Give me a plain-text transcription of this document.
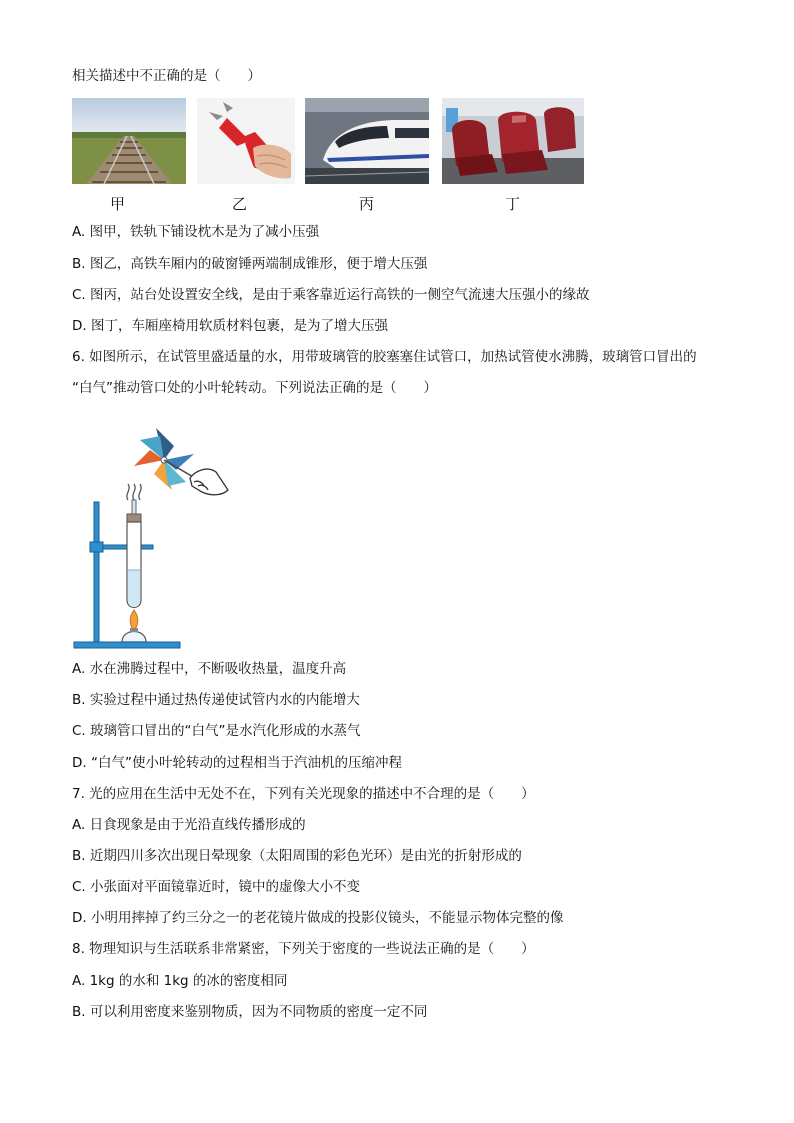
相关描述中不正确的是（　　）
甲	乙	丙	丁
A. 图甲，铁轨下铺设枕木是为了减小压强
B. 图乙，高铁车厢内的破窗锤两端制成锥形，便于增大压强
C. 图丙，站台处设置安全线，是由于乘客靠近运行高铁的一侧空气流速大压强小的缘故
D. 图丁，车厢座椅用软质材料包裹，是为了增大压强
6. 如图所示，在试管里盛适量的水，用带玻璃管的胶塞塞住试管口，加热试管使水沸腾，玻璃管口冒出的
“白气”推动管口处的小叶轮转动。下列说法正确的是（　　）
A. 水在沸腾过程中，不断吸收热量，温度升高
B. 实验过程中通过热传递使试管内水的内能增大
C. 玻璃管口冒出的“白气”是水汽化形成的水蒸气
D. “白气”使小叶轮转动的过程相当于汽油机的压缩冲程
7. 光的应用在生活中无处不在，下列有关光现象的描述中不合理的是（　　）
A. 日食现象是由于光沿直线传播形成的
B. 近期四川多次出现日晕现象（太阳周围的彩色光环）是由光的折射形成的
C. 小张面对平面镜靠近时，镜中的虚像大小不变
D. 小明用摔掉了约三分之一的老花镜片做成的投影仪镜头，不能显示物体完整的像
8. 物理知识与生活联系非常紧密，下列关于密度的一些说法正确的是（　　）
A. 1kg 的水和 1kg 的冰的密度相同
B. 可以利用密度来鉴别物质，因为不同物质的密度一定不同
